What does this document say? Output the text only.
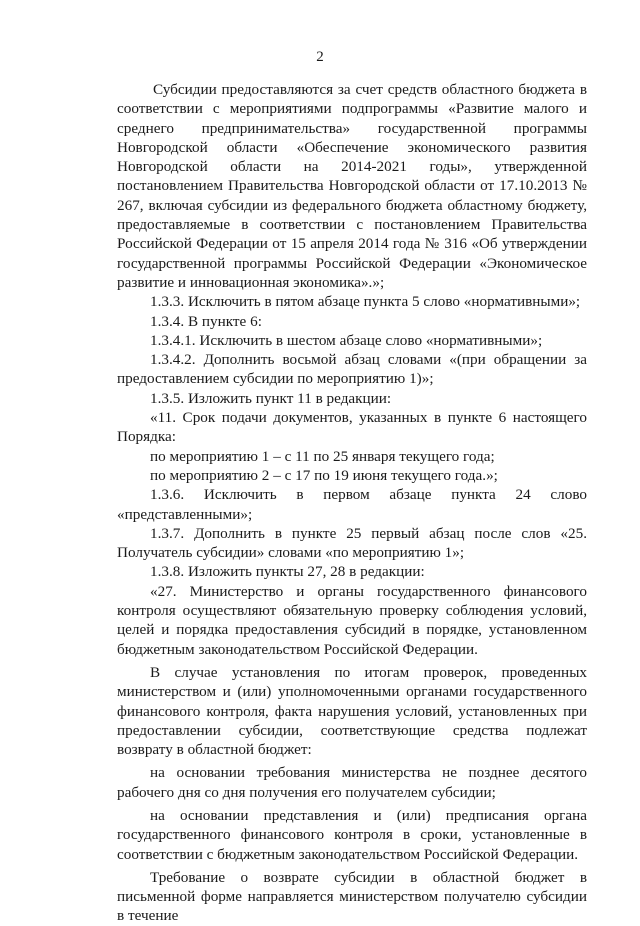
2

Субсидии предоставляются за счет средств областного бюджета в соответствии с мероприятиями подпрограммы «Развитие малого и среднего предпринимательства» государственной программы Новгородской области «Обеспечение экономического развития Новгородской области на 2014-2021 годы», утвержденной постановлением Правительства Новгородской области от 17.10.2013 № 267, включая субсидии из федерального бюджета областному бюджету, предоставляемые в соответствии с постановлением Правительства Российской Федерации от 15 апреля 2014 года № 316 «Об утверждении государственной программы Российской Федерации «Экономическое развитие и инновационная экономика».»;

1.3.3. Исключить в пятом абзаце пункта 5 слово «нормативными»;

1.3.4. В пункте 6:

1.3.4.1. Исключить в шестом абзаце слово «нормативными»;

1.3.4.2. Дополнить восьмой абзац словами «(при обращении за предоставлением субсидии по мероприятию 1)»;

1.3.5. Изложить пункт 11 в редакции:

«11. Срок подачи документов, указанных в пункте 6 настоящего Порядка:

по мероприятию 1 – с 11 по 25 января текущего года;

по мероприятию 2 – с 17 по 19 июня текущего года.»;

1.3.6. Исключить в первом абзаце пункта 24 слово «представленными»;

1.3.7. Дополнить в пункте 25 первый абзац после слов «25. Получатель субсидии» словами «по мероприятию 1»;

1.3.8. Изложить пункты 27, 28 в редакции:

«27. Министерство и органы государственного финансового контроля осуществляют обязательную проверку соблюдения условий, целей и порядка предоставления субсидий в порядке, установленном бюджетным законодательством Российской Федерации.

В случае установления по итогам проверок, проведенных министерством и (или) уполномоченными органами государственного финансового контроля, факта нарушения условий, установленных при предоставлении субсидии, соответствующие средства подлежат возврату в областной бюджет:

на основании требования министерства не позднее десятого рабочего дня со дня получения его получателем субсидии;

на основании представления и (или) предписания органа государственного финансового контроля в сроки, установленные в соответствии с бюджетным законодательством Российской Федерации.

Требование о возврате субсидии в областной бюджет в письменной форме направляется министерством получателю субсидии в течение
